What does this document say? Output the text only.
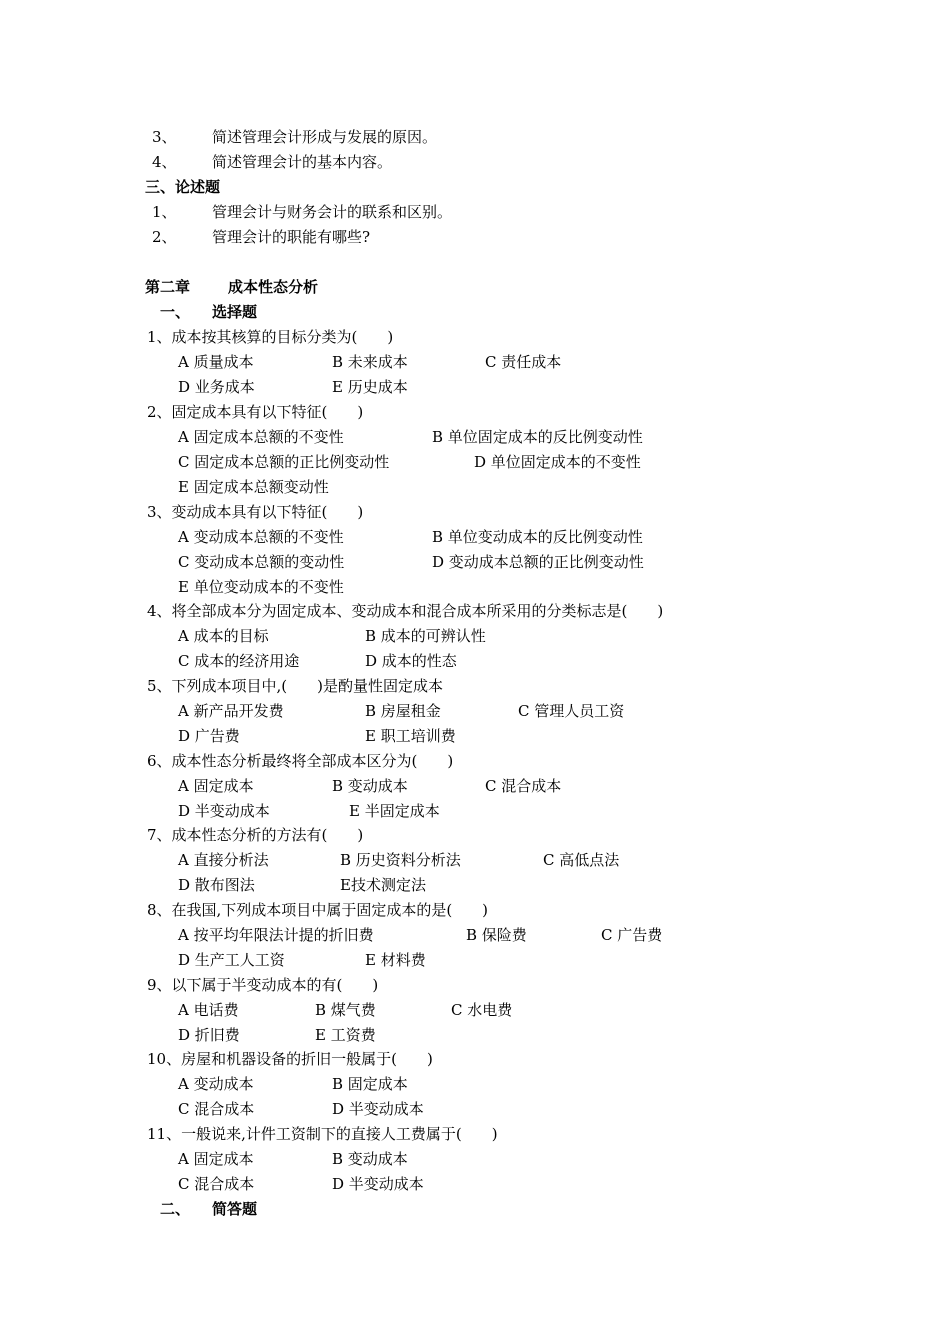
3、 简述管理会计形成与发展的原因。
4、 简述管理会计的基本内容。
三、论述题
1、 管理会计与财务会计的联系和区别。
2、 管理会计的职能有哪些?
第二章	成本性态分析
一、 选择题
1、成本按其核算的目标分类为(　　)
A 质量成本	B 未来成本	C 责任成本
D 业务成本	E 历史成本
2、固定成本具有以下特征(　　)
A 固定成本总额的不变性	B 单位固定成本的反比例变动性
C 固定成本总额的正比例变动性	D 单位固定成本的不变性
E 固定成本总额变动性
3、变动成本具有以下特征(　　)
A 变动成本总额的不变性	B 单位变动成本的反比例变动性
C 变动成本总额的变动性	D 变动成本总额的正比例变动性
E 单位变动成本的不变性
4、将全部成本分为固定成本、变动成本和混合成本所采用的分类标志是(　　)
A 成本的目标	B 成本的可辨认性
C 成本的经济用途	D 成本的性态
5、下列成本项目中,(　　)是酌量性固定成本
A 新产品开发费	B 房屋租金	C 管理人员工资
D 广告费	E 职工培训费
6、成本性态分析最终将全部成本区分为(　　)
A 固定成本	B 变动成本	C 混合成本
D 半变动成本	E 半固定成本
7、成本性态分析的方法有(　　)
A 直接分析法	B 历史资料分析法	C 高低点法
D 散布图法	E技术测定法
8、在我国,下列成本项目中属于固定成本的是(　　)
A 按平均年限法计提的折旧费	B 保险费	C 广告费
D 生产工人工资	E 材料费
9、以下属于半变动成本的有(　　)
A 电话费	B 煤气费	C 水电费
D 折旧费	E 工资费
10、房屋和机器设备的折旧一般属于(　　)
A 变动成本	B 固定成本
C 混合成本	D 半变动成本
11、一般说来,计件工资制下的直接人工费属于(　　)
A 固定成本	B 变动成本
C 混合成本	D 半变动成本
二、 简答题
